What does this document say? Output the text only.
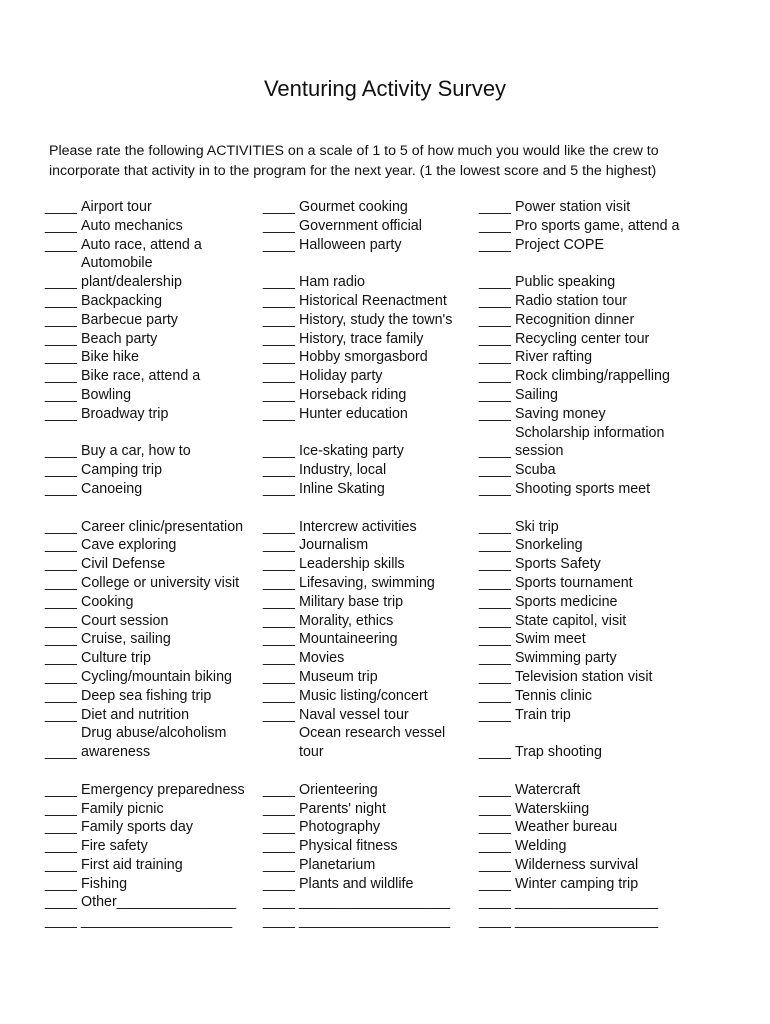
Venturing Activity Survey

Please rate the following ACTIVITIES on a scale of 1 to 5 of how much you would like the crew to
incorporate that activity in to the program for the next year. (1 the lowest score and 5 the highest)

____
Airport tour
____
Auto mechanics
____
Auto race, attend a
Automobile
____
plant/dealership
____
Backpacking
____
Barbecue party
____
Beach party
____
Bike hike
____
Bike race, attend a
____
Bowling
____
Broadway trip
____
Buy a car, how to
____
Camping trip
____
Canoeing
____
Career clinic/presentation
____
Cave exploring
____
Civil Defense
____
College or university visit
____
Cooking
____
Court session
____
Cruise, sailing
____
Culture trip
____
Cycling/mountain biking
____
Deep sea fishing trip
____
Diet and nutrition
Drug abuse/alcoholism
____
awareness
____
Emergency preparedness
____
Family picnic
____
Family sports day
____
Fire safety
____
First aid training
____
Fishing
____
Other_______________
____
___________________
____
Gourmet cooking
____
Government official
____
Halloween party
____
Ham radio
____
Historical Reenactment
____
History, study the town's
____
History, trace family
____
Hobby smorgasbord
____
Holiday party
____
Horseback riding
____
Hunter education
____
Ice-skating party
____
Industry, local
____
Inline Skating
____
Intercrew activities
____
Journalism
____
Leadership skills
____
Lifesaving, swimming
____
Military base trip
____
Morality, ethics
____
Mountaineering
____
Movies
____
Museum trip
____
Music listing/concert
____
Naval vessel tour
Ocean research vessel
tour
____
Orienteering
____
Parents' night
____
Photography
____
Physical fitness
____
Planetarium
____
Plants and wildlife
____
___________________
____
___________________
____
Power station visit
____
Pro sports game, attend a
____
Project COPE
____
Public speaking
____
Radio station tour
____
Recognition dinner
____
Recycling center tour
____
River rafting
____
Rock climbing/rappelling
____
Sailing
____
Saving money
Scholarship information
____
session
____
Scuba
____
Shooting sports meet
____
Ski trip
____
Snorkeling
____
Sports Safety
____
Sports tournament
____
Sports medicine
____
State capitol, visit
____
Swim meet
____
Swimming party
____
Television station visit
____
Tennis clinic
____
Train trip
____
Trap shooting
____
Watercraft
____
Waterskiing
____
Weather bureau
____
Welding
____
Wilderness survival
____
Winter camping trip
____
__________________
____
__________________
